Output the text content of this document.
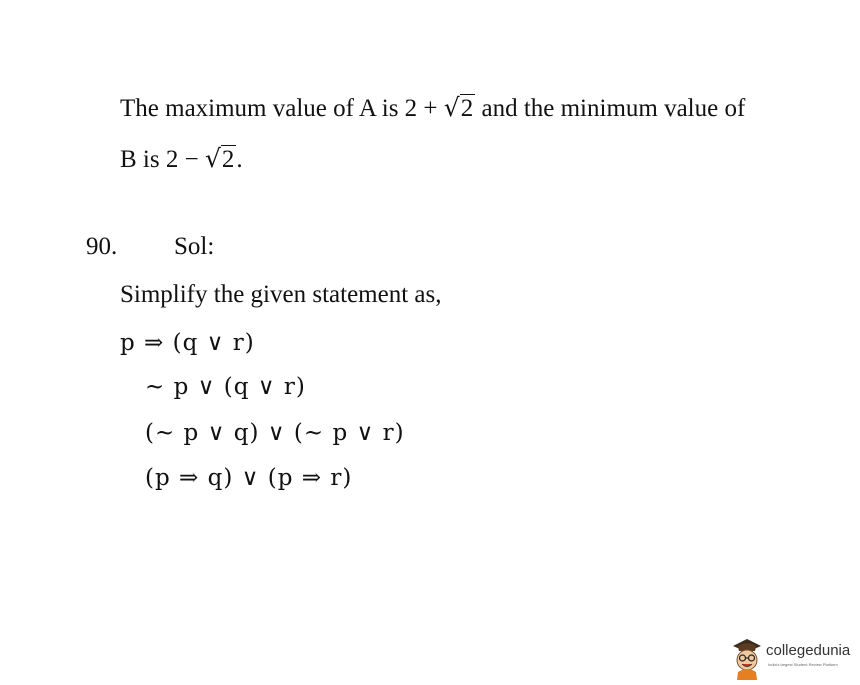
The maximum value of A is 2 + √2 and the minimum value of
B is 2 − √2.
90. Sol:
Simplify the given statement as,
p ⇒ (q ∨ r)
~ p ∨ (q ∨ r)
(~ p ∨ q) ∨ (~ p ∨ r)
(p ⇒ q) ∨ (p ⇒ r)
collegedunia
India's largest Student Review Platform
